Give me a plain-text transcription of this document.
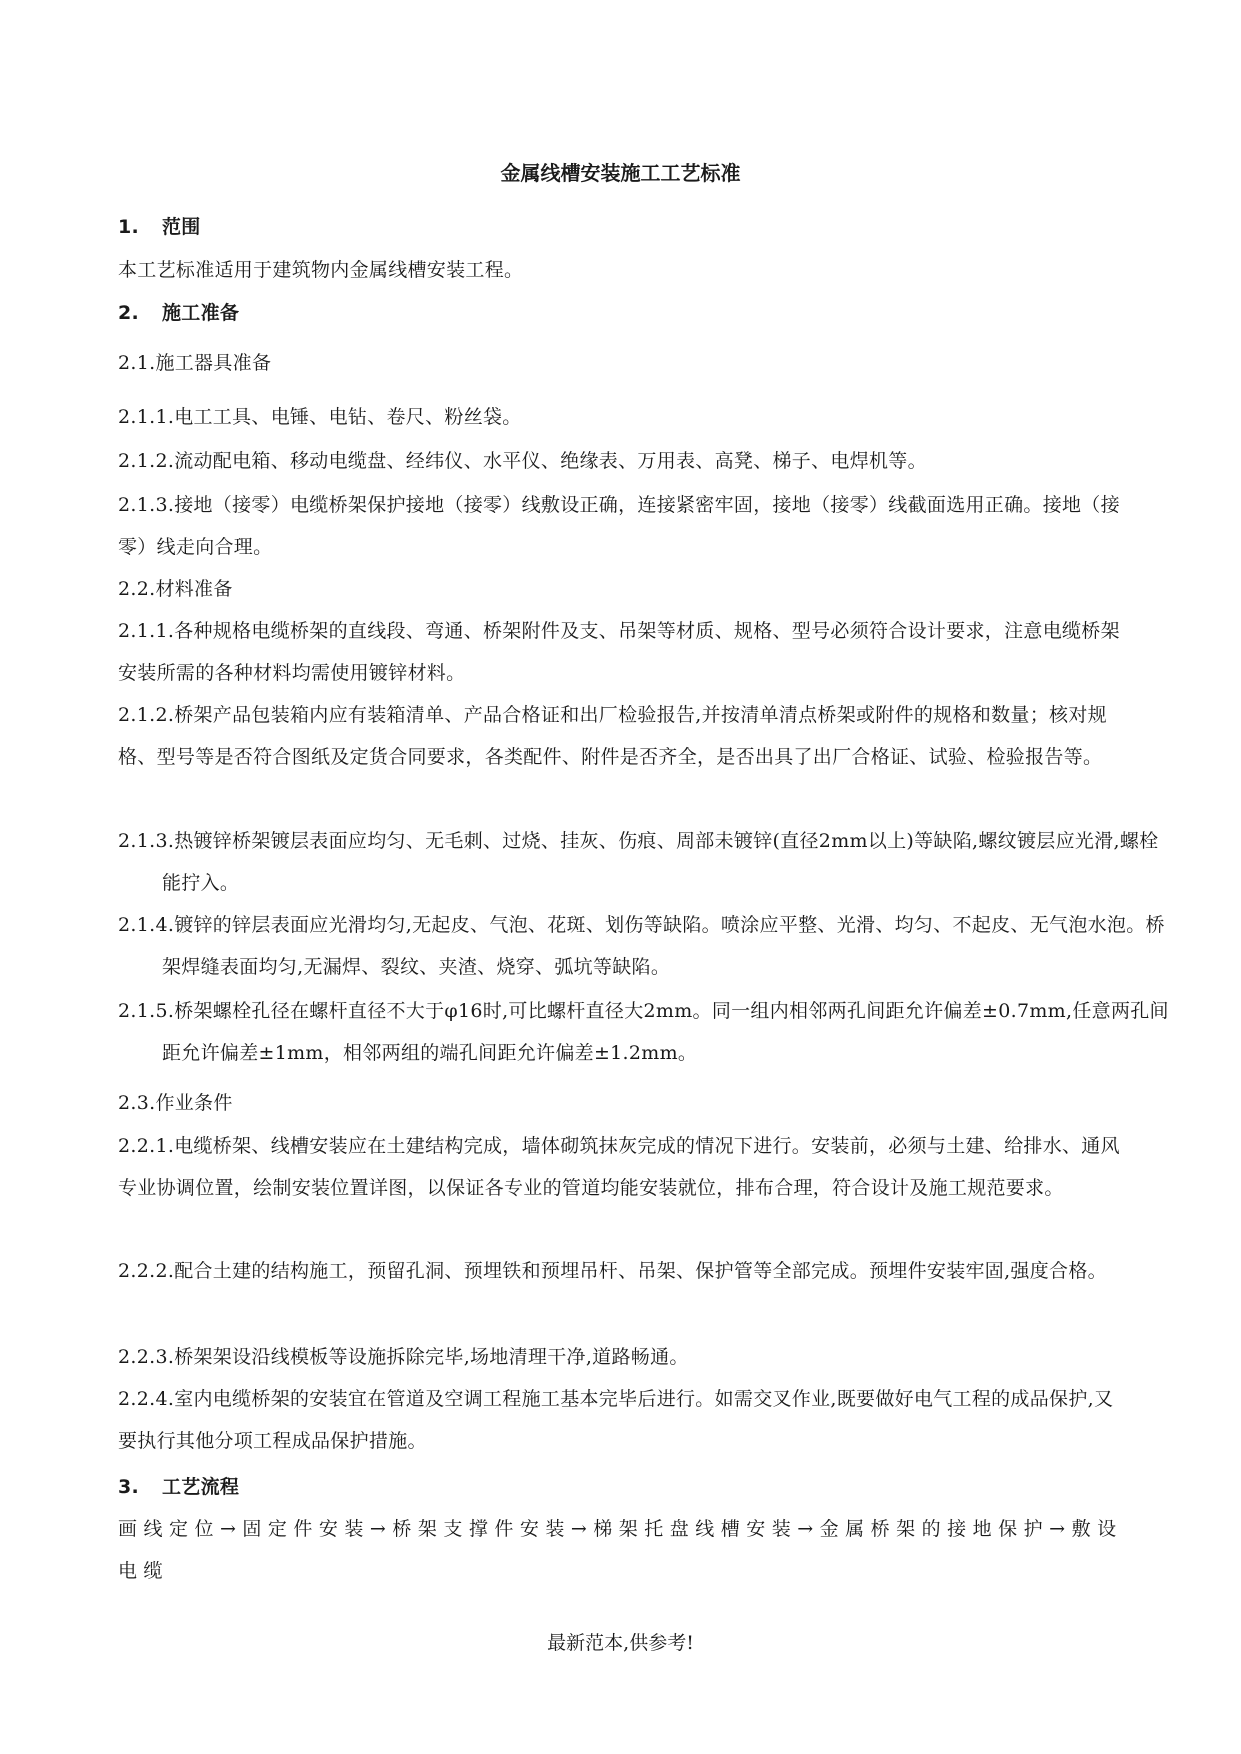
金属线槽安装施工工艺标准

1. 范围

本工艺标准适用于建筑物内金属线槽安装工程。

2. 施工准备

2.1.施工器具准备

2.1.1.电工工具、电锤、电钻、卷尺、粉丝袋。

2.1.2.流动配电箱、移动电缆盘、经纬仪、水平仪、绝缘表、万用表、高凳、梯子、电焊机等。

2.1.3.接地（接零）电缆桥架保护接地（接零）线敷设正确，连接紧密牢固，接地（接零）线截面选用正确。接地（接零）线走向合理。

2.2.材料准备

2.1.1.各种规格电缆桥架的直线段、弯通、桥架附件及支、吊架等材质、规格、型号必须符合设计要求，注意电缆桥架安装所需的各种材料均需使用镀锌材料。

2.1.2.桥架产品包装箱内应有装箱清单、产品合格证和出厂检验报告,并按清单清点桥架或附件的规格和数量；核对规格、型号等是否符合图纸及定货合同要求，各类配件、附件是否齐全，是否出具了出厂合格证、试验、检验报告等。

2.1.3.热镀锌桥架镀层表面应均匀、无毛刺、过烧、挂灰、伤痕、周部未镀锌(直径2mm以上)等缺陷,螺纹镀层应光滑,螺栓能拧入。

2.1.4.镀锌的锌层表面应光滑均匀,无起皮、气泡、花斑、划伤等缺陷。喷涂应平整、光滑、均匀、不起皮、无气泡水泡。桥架焊缝表面均匀,无漏焊、裂纹、夹渣、烧穿、弧坑等缺陷。

2.1.5.桥架螺栓孔径在螺杆直径不大于φ16时,可比螺杆直径大2mm。同一组内相邻两孔间距允许偏差±0.7mm,任意两孔间距允许偏差±1mm，相邻两组的端孔间距允许偏差±1.2mm。

2.3.作业条件

2.2.1.电缆桥架、线槽安装应在土建结构完成，墙体砌筑抹灰完成的情况下进行。安装前，必须与土建、给排水、通风专业协调位置，绘制安装位置详图，以保证各专业的管道均能安装就位，排布合理，符合设计及施工规范要求。

2.2.2.配合土建的结构施工，预留孔洞、预埋铁和预埋吊杆、吊架、保护管等全部完成。预埋件安装牢固,强度合格。

2.2.3.桥架架设沿线模板等设施拆除完毕,场地清理干净,道路畅通。

2.2.4.室内电缆桥架的安装宜在管道及空调工程施工基本完毕后进行。如需交叉作业,既要做好电气工程的成品保护,又要执行其他分项工程成品保护措施。

3. 工艺流程

画线定位→固定件安装→桥架支撑件安装→梯架托盘线槽安装→金属桥架的接地保护→敷设电缆

最新范本,供参考!
